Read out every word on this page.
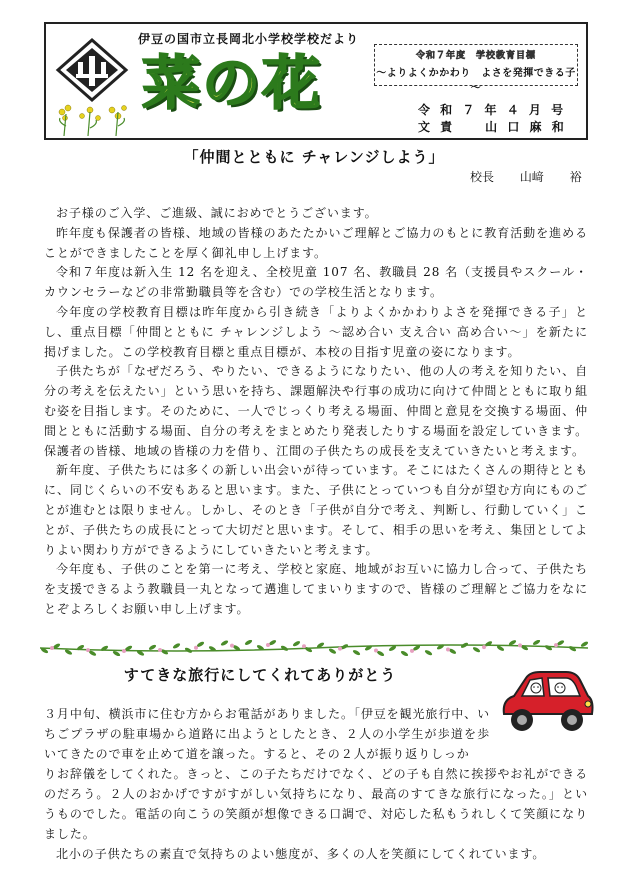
伊豆の国市立長岡北小学校学校だより
菜の花	令和７年度　学校教育目標
～よりよくかかわり　よさを発揮できる子～
令 和 ７ 年 ４ 月 号
文 責　　山 口 麻 和
「仲間とともに チャレンジしよう」
校長 山﨑 裕

お子様のご入学、ご進級、誠におめでとうございます。

昨年度も保護者の皆様、地域の皆様のあたたかいご理解とご協力のもとに教育活動を進めることができましたことを厚く御礼申し上げます。

令和７年度は新入生 12 名を迎え、全校児童 107 名、教職員 28 名（支援員やスクール・カウンセラーなどの非常勤職員等を含む）での学校生活となります。

今年度の学校教育目標は昨年度から引き続き「よりよくかかわりよさを発揮できる子」とし、重点目標「仲間とともに チャレンジしよう 〜認め合い 支え合い 高め合い〜」を新たに掲げました。この学校教育目標と重点目標が、本校の目指す児童の姿になります。

子供たちが「なぜだろう、やりたい、できるようになりたい、他の人の考えを知りたい、自分の考えを伝えたい」という思いを持ち、課題解決や行事の成功に向けて仲間とともに取り組む姿を目指します。そのために、一人でじっくり考える場面、仲間と意見を交換する場面、仲間とともに活動する場面、自分の考えをまとめたり発表したりする場面を設定していきます。保護者の皆様、地域の皆様の力を借り、江間の子供たちの成長を支えていきたいと考えます。

新年度、子供たちには多くの新しい出会いが待っています。そこにはたくさんの期待とともに、同じくらいの不安もあると思います。また、子供にとっていつも自分が望む方向にものごとが進むとは限りません。しかし、そのとき「子供が自分で考え、判断し、行動していく」ことが、子供たちの成長にとって大切だと思います。そして、相手の思いを考え、集団としてよりよい関わり方ができるようにしていきたいと考えます。

今年度も、子供のことを第一に考え、学校と家庭、地域がお互いに協力し合って、子供たちを支援できるよう教職員一丸となって邁進してまいりますので、皆様のご理解とご協力をなにとぞよろしくお願い申し上げます。

すてきな旅行にしてくれてありがとう

３月中旬、横浜市に住む方からお電話がありました。「伊豆を観光旅行中、いちごプラザの駐車場から道路に出ようとしたとき、２人の小学生が歩道を歩いてきたので車を止めて道を譲った。すると、その２人が振り返りしっか

りお辞儀をしてくれた。きっと、この子たちだけでなく、どの子も自然に挨拶やお礼ができるのだろう。２人のおかげですがすがしい気持ちになり、最高のすてきな旅行になった。」というものでした。電話の向こうの笑顔が想像できる口調で、対応した私もうれしくて笑顔になりました。

北小の子供たちの素直で気持ちのよい態度が、多くの人を笑顔にしてくれています。
